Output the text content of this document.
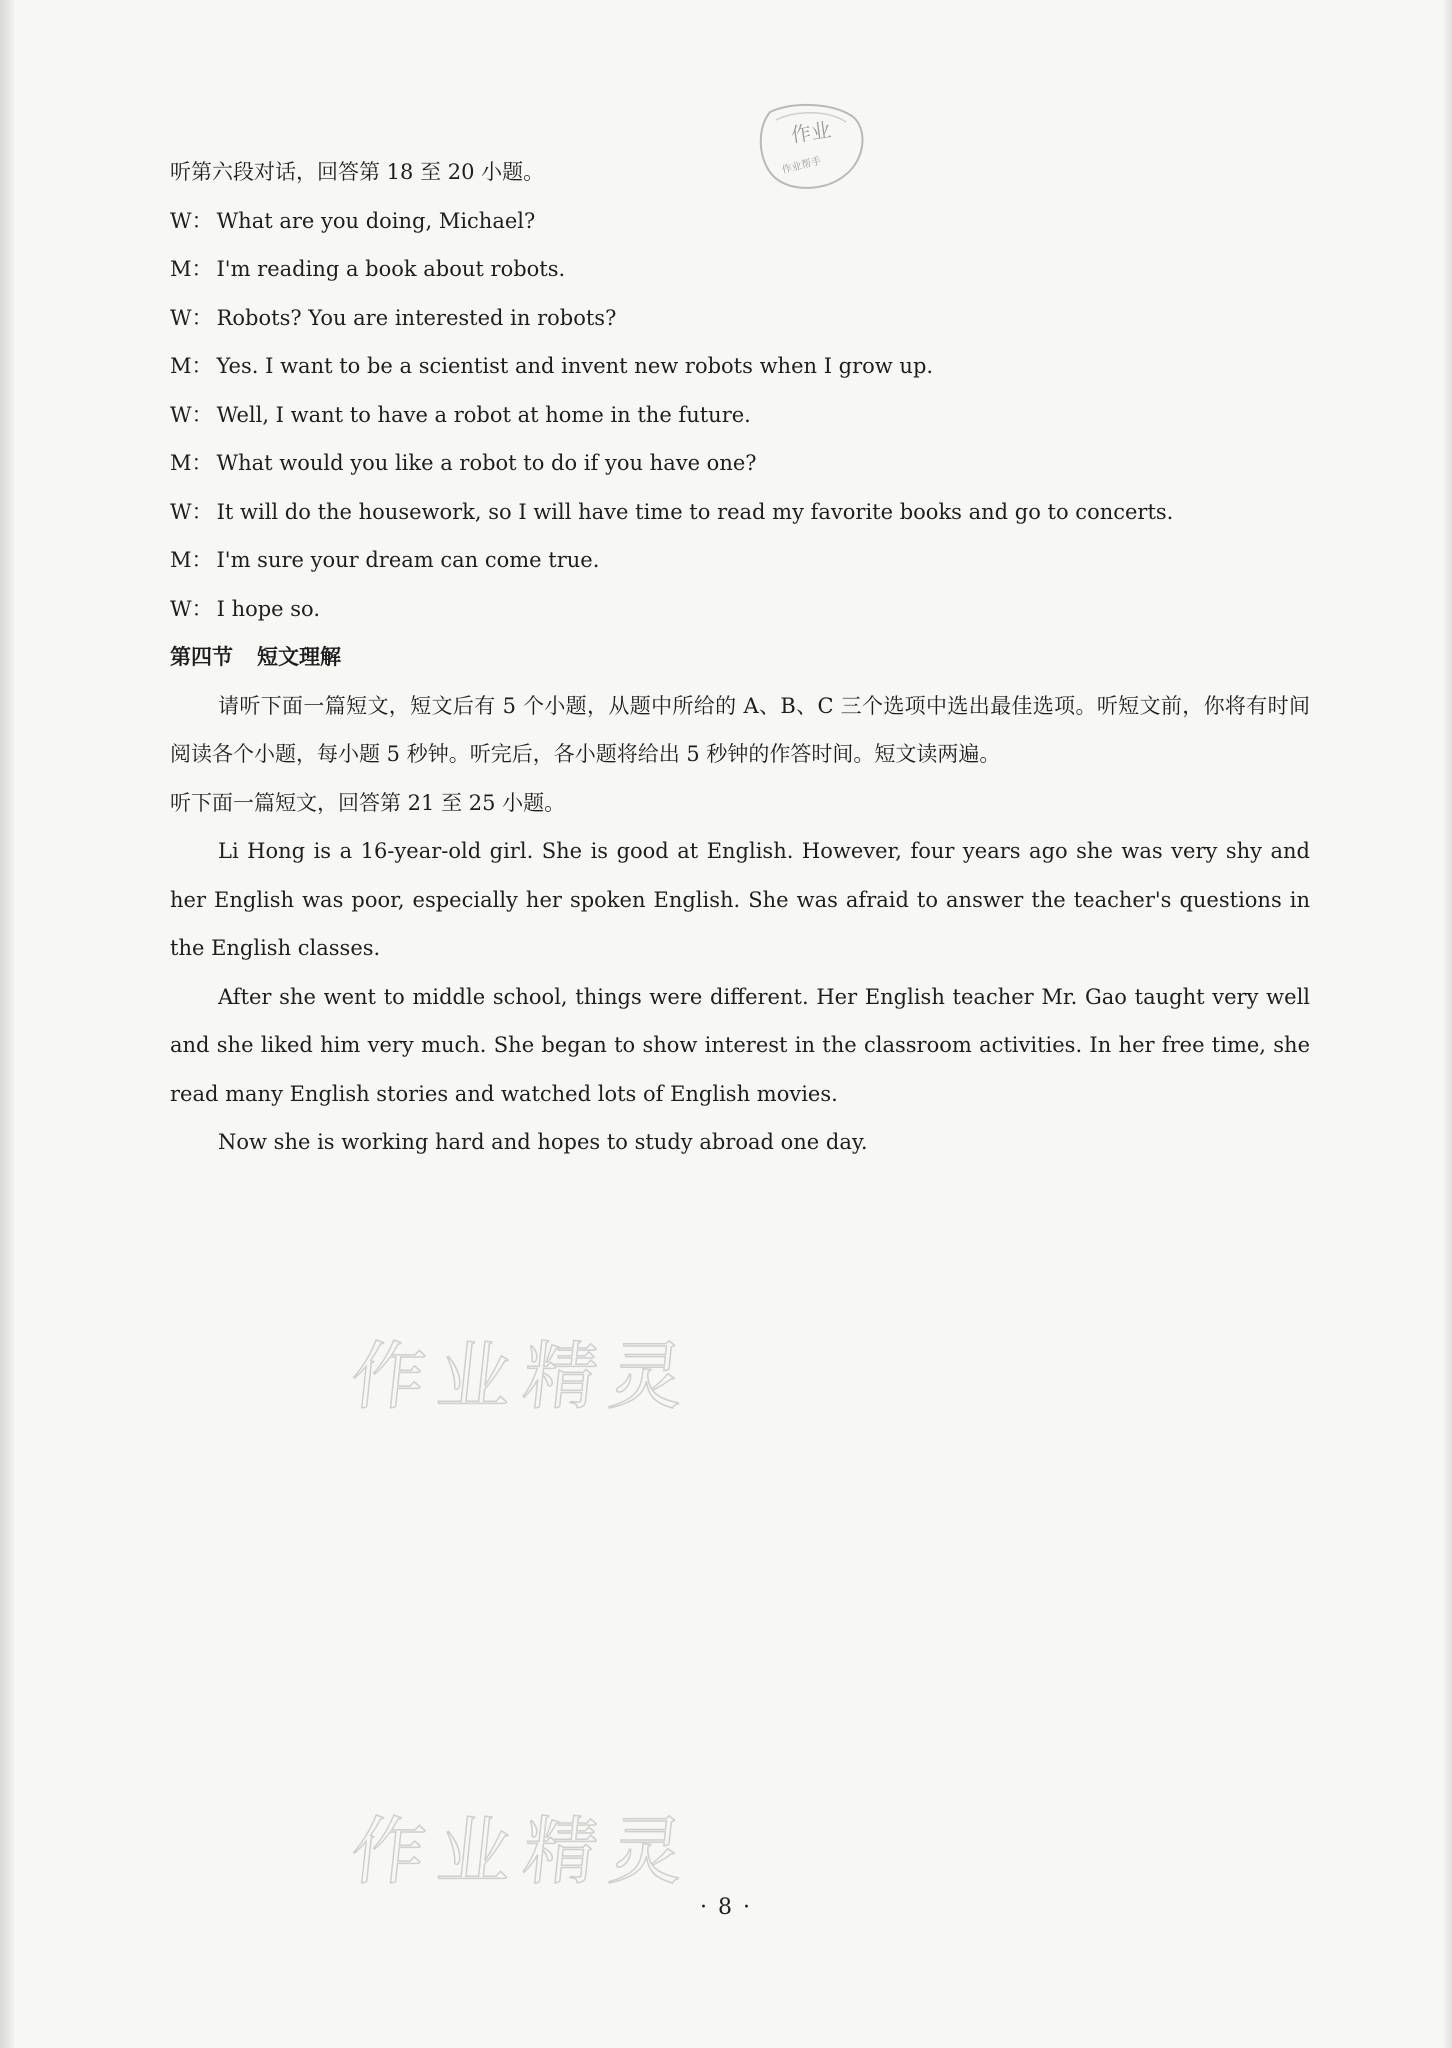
作业
作业帮手
听第六段对话，回答第 18 至 20 小题。
W： What are you doing, Michael?
M： I'm reading a book about robots.
W： Robots? You are interested in robots?
M： Yes. I want to be a scientist and invent new robots when I grow up.
W： Well, I want to have a robot at home in the future.
M： What would you like a robot to do if you have one?
W： It will do the housework, so I will have time to read my favorite books and go to concerts.
M： I'm sure your dream can come true.
W： I hope so.
第四节 短文理解
请听下面一篇短文，短文后有 5 个小题，从题中所给的 A、B、C 三个选项中选出最佳选项。听短文前，你将有时间阅读各个小题，每小题 5 秒钟。听完后，各小题将给出 5 秒钟的作答时间。短文读两遍。
听下面一篇短文，回答第 21 至 25 小题。
Li Hong is a 16-year-old girl. She is good at English. However, four years ago she was very shy and her English was poor, especially her spoken English. She was afraid to answer the teacher's questions in the English classes.
After she went to middle school, things were different. Her English teacher Mr. Gao taught very well and she liked him very much. She began to show interest in the classroom activities. In her free time, she read many English stories and watched lots of English movies.
Now she is working hard and hopes to study abroad one day.
作业精灵
作业精灵
· 8 ·
